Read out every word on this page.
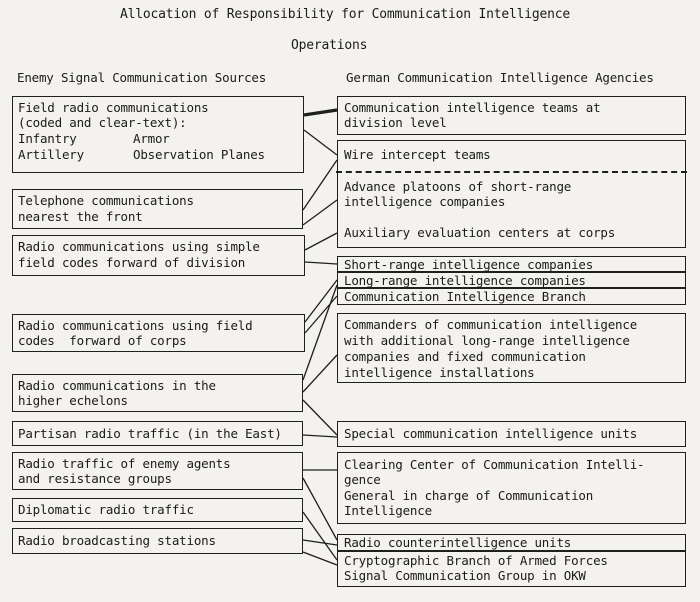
Allocation of Responsibility for Communication Intelligence
Operations
Enemy Signal Communication Sources	German Communication Intelligence Agencies
Field radio communications
(coded and clear-text):
Infantry
Artillery
Armor
Observation Planes
Telephone communications
nearest the front
Radio communications using simple
field codes forward of division
Radio communications using field
codes  forward of corps
Radio communications in the
higher echelons
Partisan radio traffic (in the East)
Radio traffic of enemy agents
and resistance groups
Diplomatic radio traffic
Radio broadcasting stations
Communication intelligence teams at
division level
Wire intercept teams
Advance platoons of short-range
intelligence companies
Auxiliary evaluation centers at corps
Short-range intelligence companies
Long-range intelligence companies
Communication Intelligence Branch
Commanders of communication intelligence
with additional long-range intelligence
companies and fixed communication
intelligence installations
Special communication intelligence units
Clearing Center of Communication Intelli-
gence
General in charge of Communication
Intelligence
Radio counterintelligence units
Cryptographic Branch of Armed Forces
Signal Communication Group in OKW
